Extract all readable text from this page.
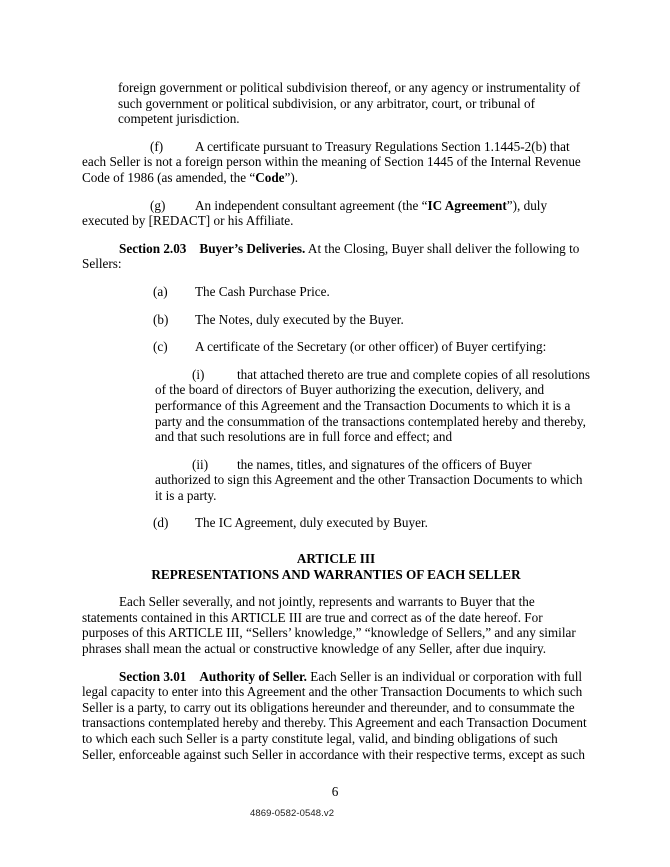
foreign government or political subdivision thereof, or any agency or instrumentality of such government or political subdivision, or any arbitrator, court, or tribunal of competent jurisdiction.
(f) A certificate pursuant to Treasury Regulations Section 1.1445-2(b) that each Seller is not a foreign person within the meaning of Section 1445 of the Internal Revenue Code of 1986 (as amended, the “Code”).
(g) An independent consultant agreement (the “IC Agreement”), duly executed by [REDACT] or his Affiliate.
Section 2.03 Buyer’s Deliveries. At the Closing, Buyer shall deliver the following to Sellers:
(a) The Cash Purchase Price.
(b) The Notes, duly executed by the Buyer.
(c) A certificate of the Secretary (or other officer) of Buyer certifying:
(i) that attached thereto are true and complete copies of all resolutions of the board of directors of Buyer authorizing the execution, delivery, and performance of this Agreement and the Transaction Documents to which it is a party and the consummation of the transactions contemplated hereby and thereby, and that such resolutions are in full force and effect; and
(ii) the names, titles, and signatures of the officers of Buyer authorized to sign this Agreement and the other Transaction Documents to which it is a party.
(d) The IC Agreement, duly executed by Buyer.
ARTICLE III
REPRESENTATIONS AND WARRANTIES OF EACH SELLER
Each Seller severally, and not jointly, represents and warrants to Buyer that the statements contained in this ARTICLE III are true and correct as of the date hereof. For purposes of this ARTICLE III, “Sellers’ knowledge,” “knowledge of Sellers,” and any similar phrases shall mean the actual or constructive knowledge of any Seller, after due inquiry.
Section 3.01 Authority of Seller. Each Seller is an individual or corporation with full legal capacity to enter into this Agreement and the other Transaction Documents to which such Seller is a party, to carry out its obligations hereunder and thereunder, and to consummate the transactions contemplated hereby and thereby. This Agreement and each Transaction Document to which each such Seller is a party constitute legal, valid, and binding obligations of such Seller, enforceable against such Seller in accordance with their respective terms, except as such
6
4869-0582-0548.v2
